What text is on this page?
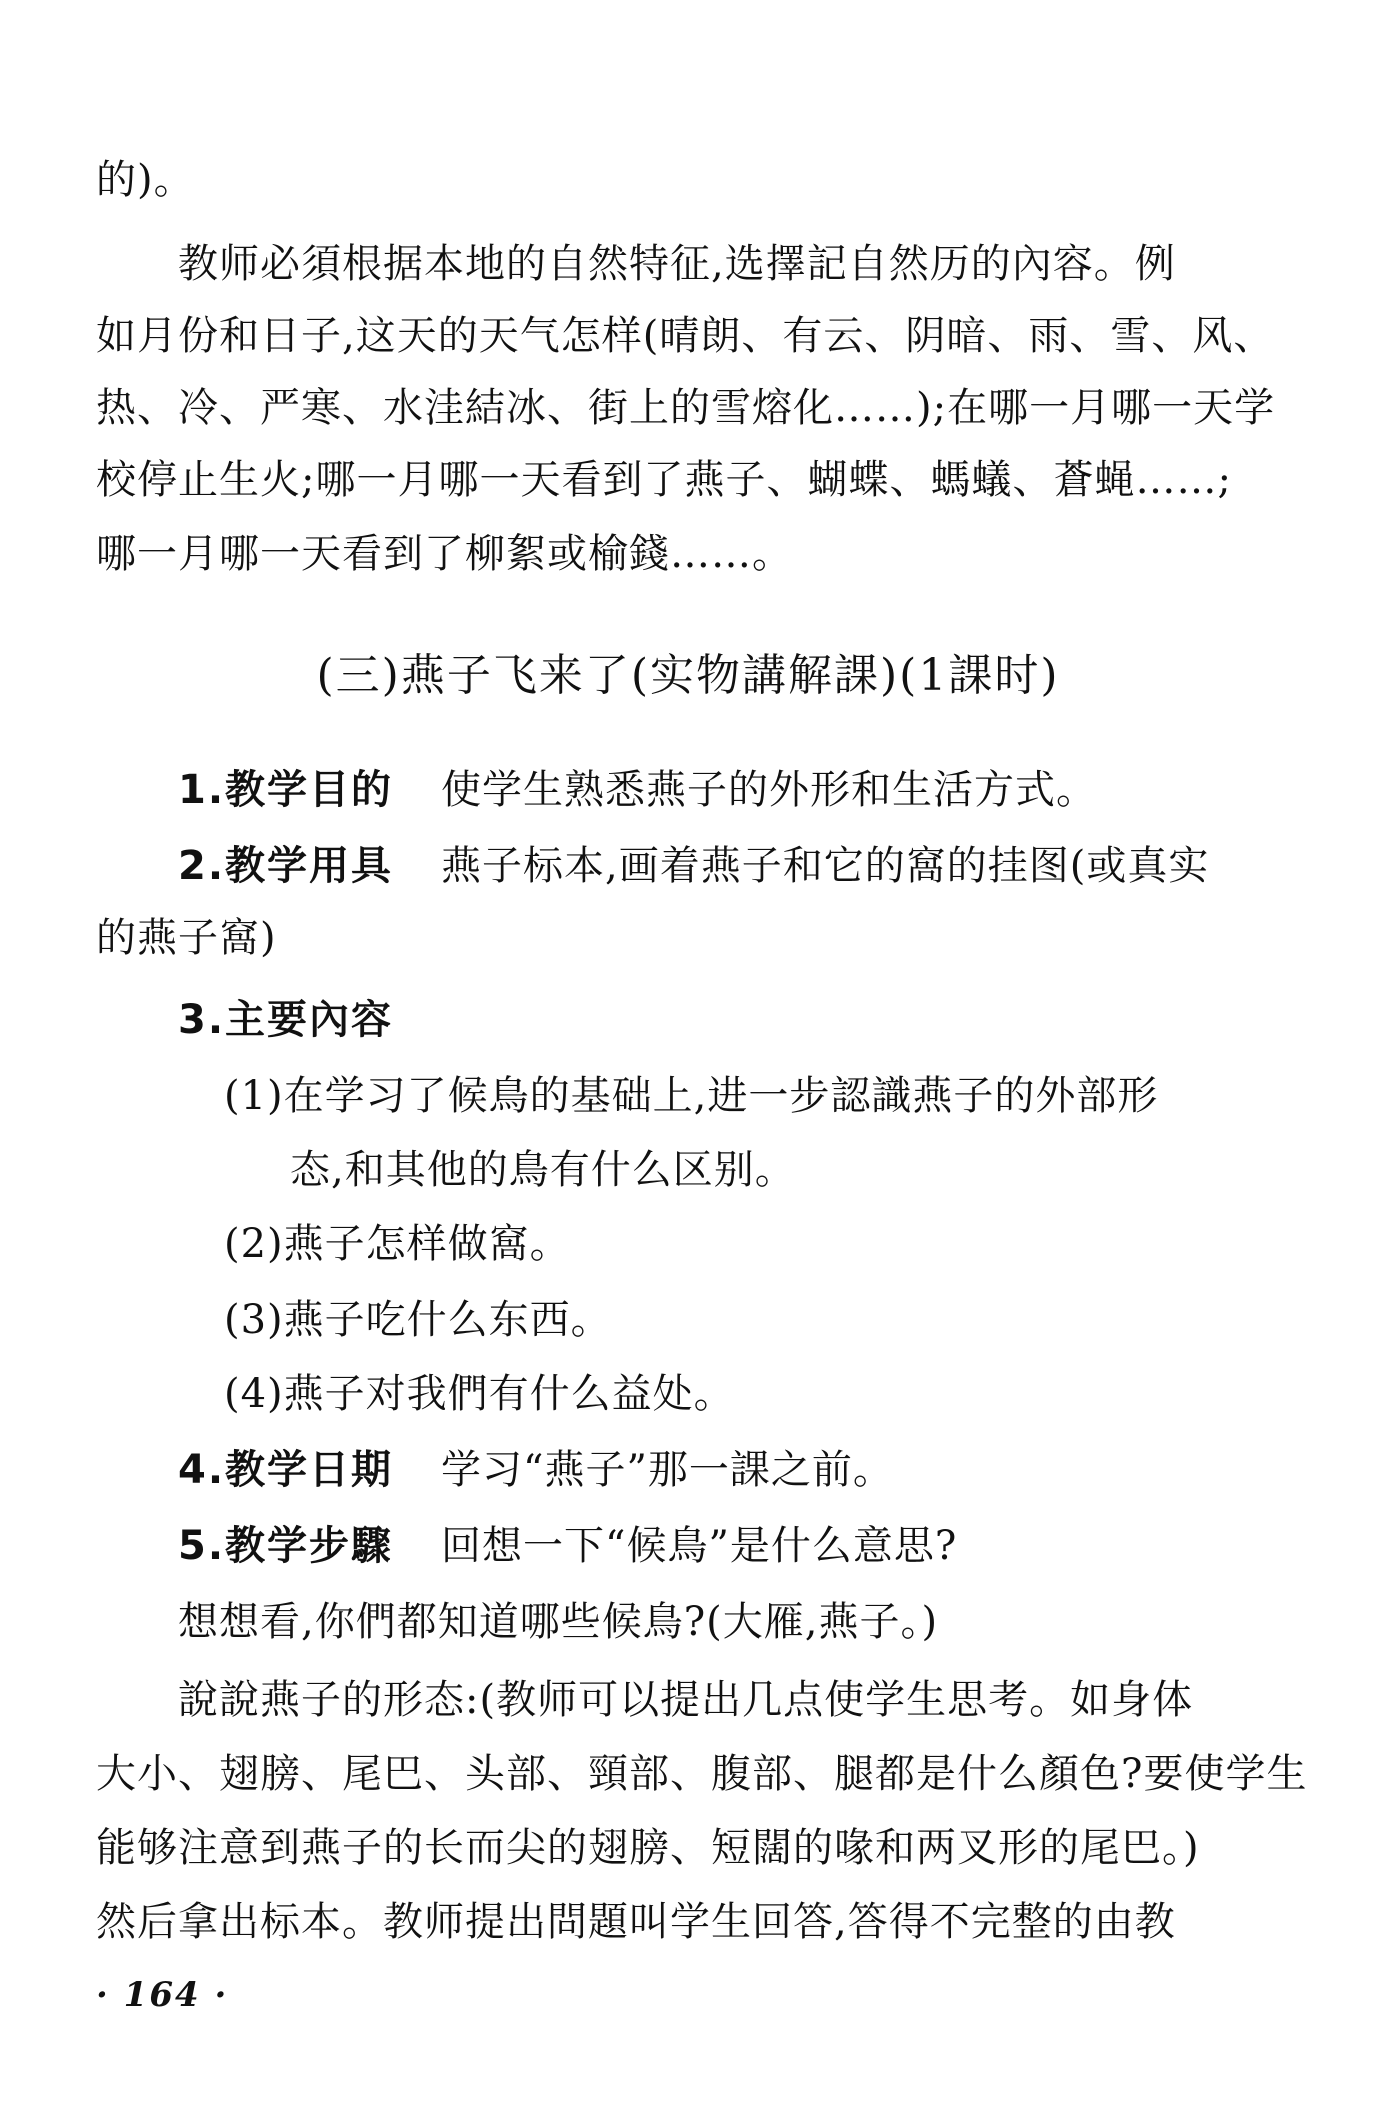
的)。
教师必須根据本地的自然特征,选擇記自然历的內容。例
如月份和日子,这天的天气怎样(晴朗、有云、阴暗、雨、雪、风、
热、冷、严寒、水洼結冰、街上的雪熔化……);在哪一月哪一天学
校停止生火;哪一月哪一天看到了燕子、蝴蝶、螞蟻、蒼蝇……;
哪一月哪一天看到了柳絮或榆錢……。
(三)燕子飞来了(实物講解課)(1課时)
1.教学目的 使学生熟悉燕子的外形和生活方式。
2.教学用具 燕子标本,画着燕子和它的窩的挂图(或真实
的燕子窩)
3.主要內容
(1)在学习了候鳥的基础上,进一步認識燕子的外部形
态,和其他的鳥有什么区别。
(2)燕子怎样做窩。
(3)燕子吃什么东西。
(4)燕子对我們有什么益处。
4.教学日期 学习“燕子”那一課之前。
5.教学步驟 回想一下“候鳥”是什么意思?
想想看,你們都知道哪些候鳥?(大雁,燕子。)
說說燕子的形态:(教师可以提出几点使学生思考。如身体
大小、翅膀、尾巴、头部、頸部、腹部、腿都是什么顏色?要使学生
能够注意到燕子的长而尖的翅膀、短闊的喙和两叉形的尾巴。)
然后拿出标本。教师提出問題叫学生回答,答得不完整的由教
· 164 ·
